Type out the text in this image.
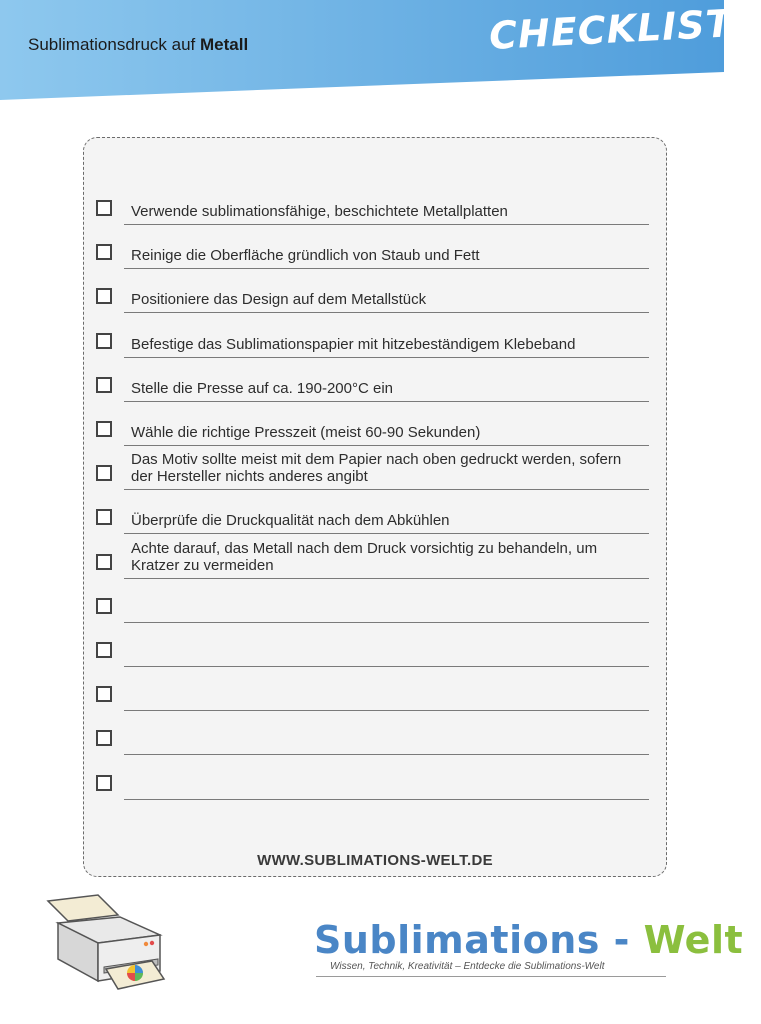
Sublimationsdruck auf Metall	CHECKLISTE
Verwende sublimationsfähige, beschichtete Metallplatten
Reinige die Oberfläche gründlich von Staub und Fett
Positioniere das Design auf dem Metallstück
Befestige das Sublimationspapier mit hitzebeständigem Klebeband
Stelle die Presse auf ca. 190-200°C ein
Wähle die richtige Presszeit (meist 60-90 Sekunden)
Das Motiv sollte meist mit dem Papier nach oben gedruckt werden, sofern der Hersteller nichts anderes angibt
Überprüfe die Druckqualität nach dem Abkühlen
Achte darauf, das Metall nach dem Druck vorsichtig zu behandeln, um Kratzer zu vermeiden
WWW.SUBLIMATIONS-WELT.DE
Sublimations - Welt
Wissen, Technik, Kreativität – Entdecke die Sublimations-Welt
